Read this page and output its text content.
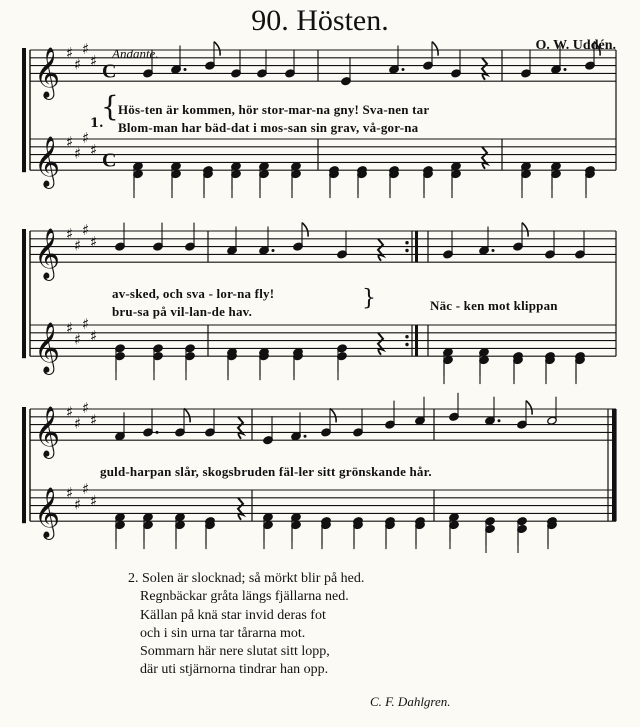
𝄞 ♯
♯
♯
♯ C
𝄞 ♯
♯
♯
♯ C
𝄞 ♯
♯
♯
♯
𝄞 ♯
♯
♯
♯
𝄞 ♯
♯
♯
♯
𝄞 ♯
♯
♯
♯
90. Hösten.
O. W. Uddén.
Andante.
1.
{ Hös-ten är kommen, hör stor-mar-na gny! Sva-nen tar
Blom-man har bäd-dat i mos-san sin grav, vå-gor-na
av-sked, och sva - lor-na fly!
bru-sa på vil-lan-de hav.
}	Näc - ken mot klippan
guld-harpan slår, skogsbruden fäl-ler sitt grönskande hår.
2. Solen är slocknad; så mörkt blir på hed.
Regnbäckar gråta längs fjällarna ned.
Källan på knä star invid deras fot
och i sin urna tar tårarna mot.
Sommarn här nere slutat sitt lopp,
där uti stjärnorna tindrar han opp.
C. F. Dahlgren.
